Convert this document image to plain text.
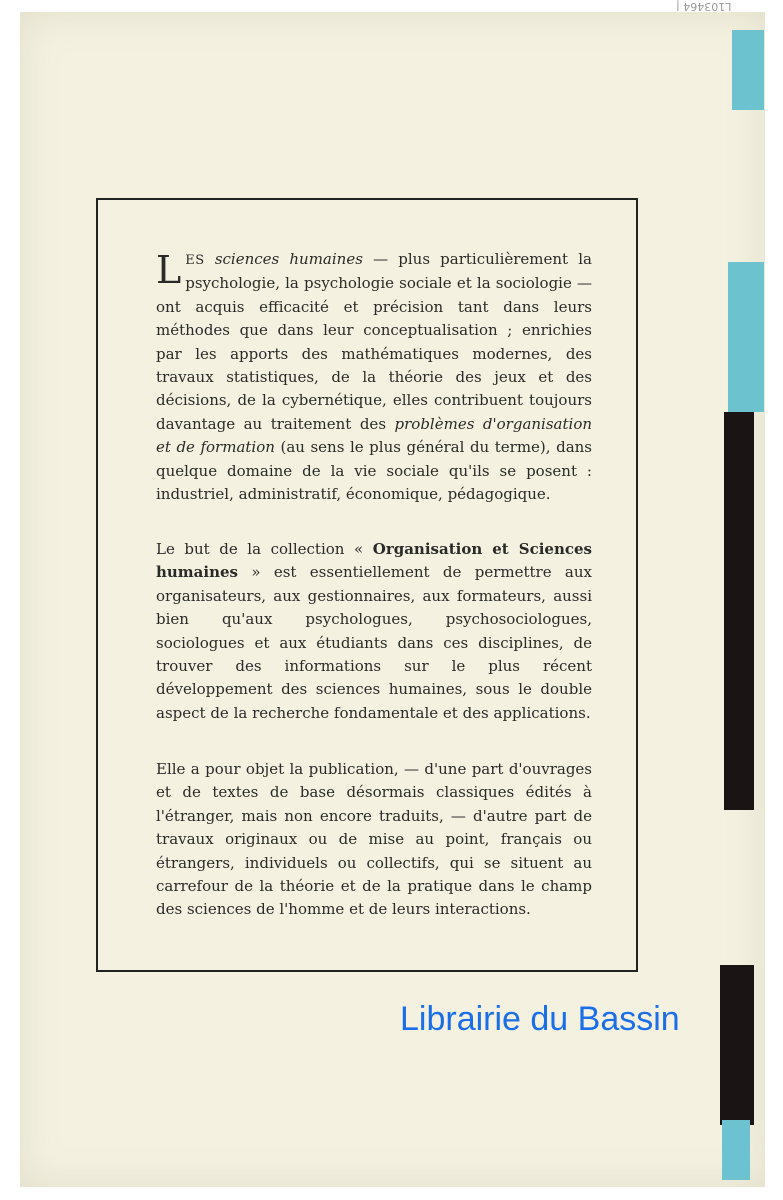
L103464 |

LES sciences humaines — plus particulièrement la psychologie, la psychologie sociale et la sociologie — ont acquis efficacité et précision tant dans leurs méthodes que dans leur conceptualisation ; enrichies par les apports des mathématiques modernes, des travaux statistiques, de la théorie des jeux et des décisions, de la cybernétique, elles contribuent toujours davantage au traitement des problèmes d'organisation et de formation (au sens le plus général du terme), dans quelque domaine de la vie sociale qu'ils se posent : industriel, administratif, économique, pédagogique.

Le but de la collection « Organisation et Sciences humaines » est essentiellement de permettre aux organisateurs, aux gestionnaires, aux formateurs, aussi bien qu'aux psychologues, psychosociologues, sociologues et aux étudiants dans ces disciplines, de trouver des informations sur le plus récent développement des sciences humaines, sous le double aspect de la recherche fondamentale et des applications.

Elle a pour objet la publication, — d'une part d'ouvrages et de textes de base désormais classiques édités à l'étranger, mais non encore traduits, — d'autre part de travaux originaux ou de mise au point, français ou étrangers, individuels ou collectifs, qui se situent au carrefour de la théorie et de la pratique dans le champ des sciences de l'homme et de leurs interactions.

Librairie du Bassin
